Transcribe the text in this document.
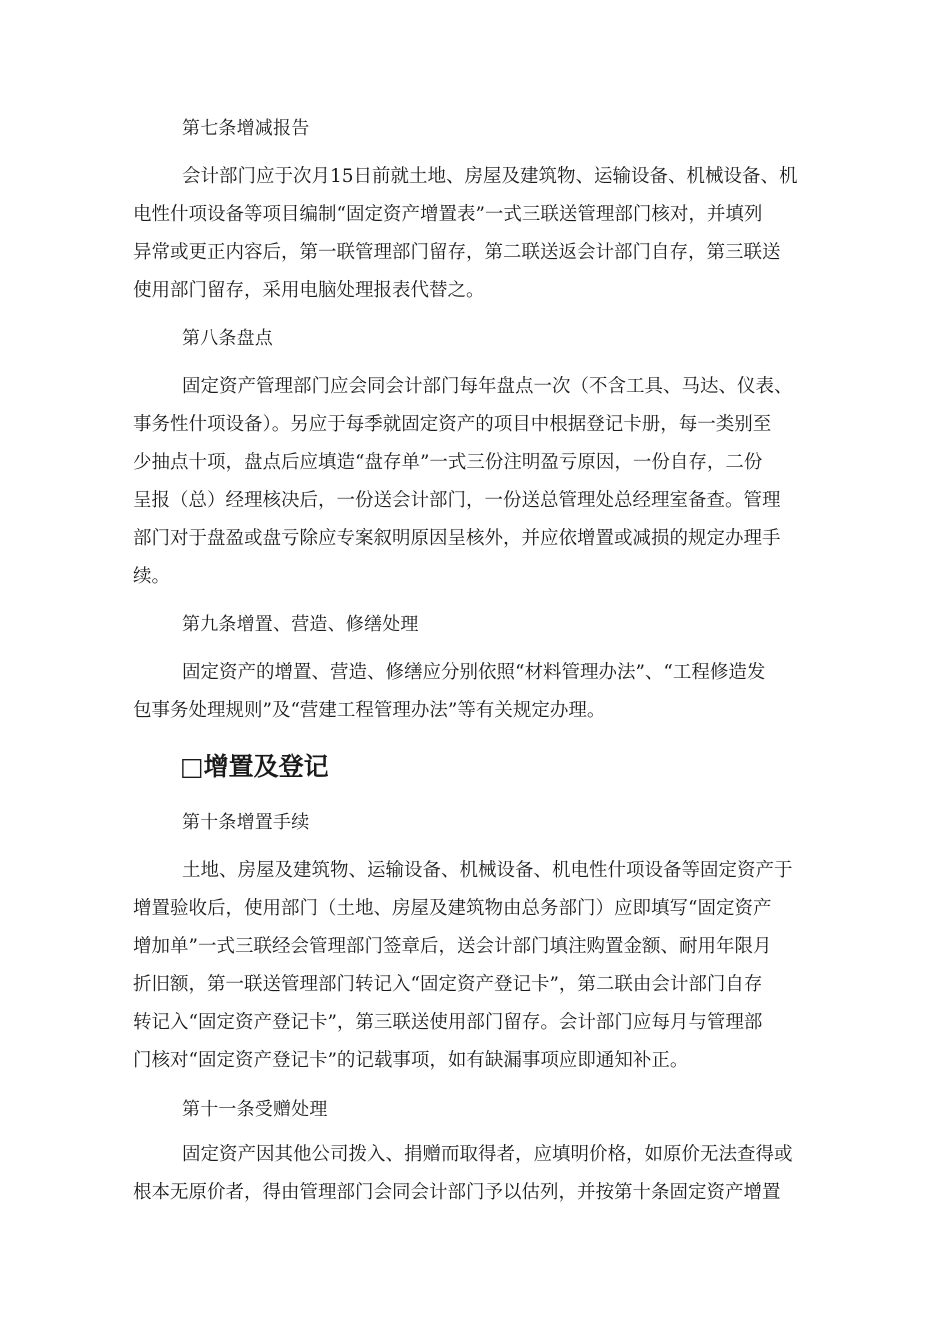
第七条增减报告
会计部门应于次月15日前就土地、房屋及建筑物、运输设备、机械设备、机
电性什项设备等项目编制“固定资产增置表”一式三联送管理部门核对，并填列
异常或更正内容后，第一联管理部门留存，第二联送返会计部门自存，第三联送
使用部门留存，采用电脑处理报表代替之。
第八条盘点
固定资产管理部门应会同会计部门每年盘点一次（不含工具、马达、仪表、
事务性什项设备）。另应于每季就固定资产的项目中根据登记卡册，每一类别至
少抽点十项，盘点后应填造“盘存单”一式三份注明盈亏原因，一份自存，二份
呈报（总）经理核决后，一份送会计部门，一份送总管理处总经理室备查。管理
部门对于盘盈或盘亏除应专案叙明原因呈核外，并应依增置或减损的规定办理手
续。
第九条增置、营造、修缮处理
固定资产的增置、营造、修缮应分别依照“材料管理办法”、“工程修造发
包事务处理规则”及“营建工程管理办法”等有关规定办理。
□增置及登记
第十条增置手续
土地、房屋及建筑物、运输设备、机械设备、机电性什项设备等固定资产于
增置验收后，使用部门（土地、房屋及建筑物由总务部门）应即填写“固定资产
增加单”一式三联经会管理部门签章后，送会计部门填注购置金额、耐用年限月
折旧额，第一联送管理部门转记入“固定资产登记卡”，第二联由会计部门自存
转记入“固定资产登记卡”，第三联送使用部门留存。会计部门应每月与管理部
门核对“固定资产登记卡”的记载事项，如有缺漏事项应即通知补正。
第十一条受赠处理
固定资产因其他公司拨入、捐赠而取得者，应填明价格，如原价无法查得或
根本无原价者，得由管理部门会同会计部门予以估列，并按第十条固定资产增置
